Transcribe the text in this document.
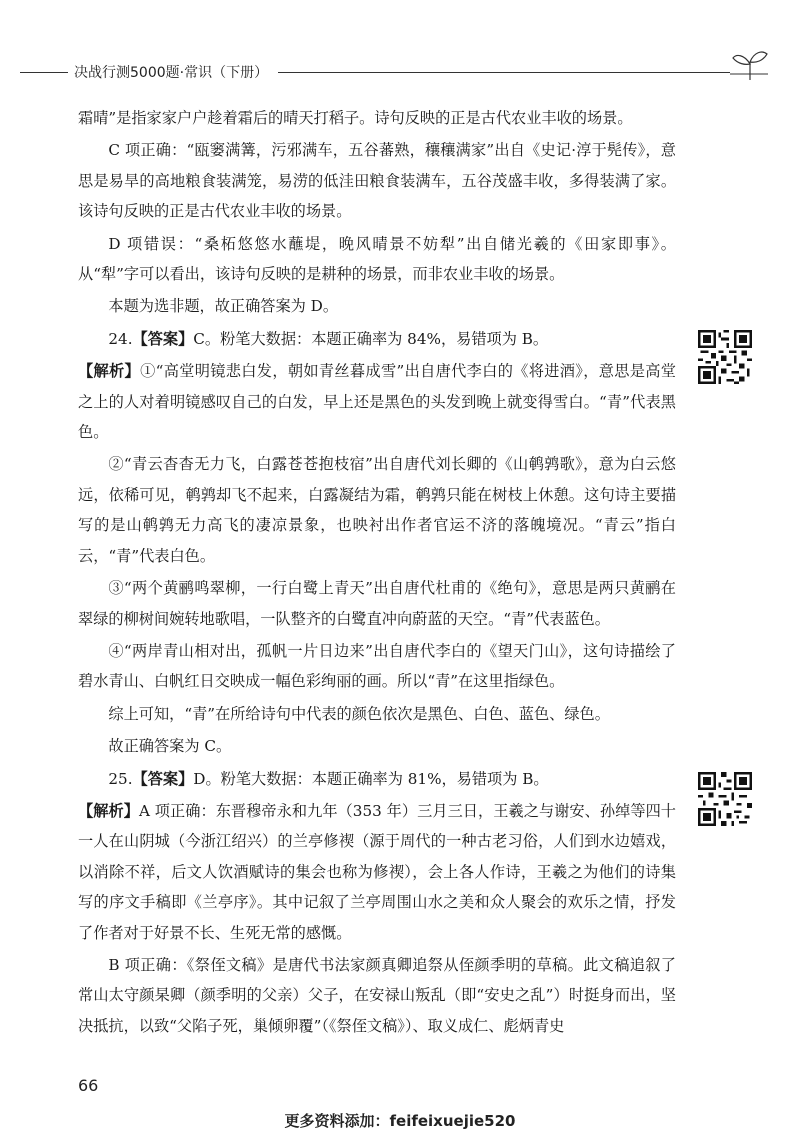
决战行测5000题·常识（下册）

霜晴”是指家家户户趁着霜后的晴天打稻子。诗句反映的正是古代农业丰收的场景。

C 项正确：“瓯窭满篝，污邪满车，五谷蕃熟，穰穰满家”出自《史记·淳于髡传》，意思是易旱的高地粮食装满笼，易涝的低洼田粮食装满车，五谷茂盛丰收，多得装满了家。该诗句反映的正是古代农业丰收的场景。

D 项错误：“桑柘悠悠水蘸堤，晚风晴景不妨犁”出自储光羲的《田家即事》。从“犁”字可以看出，该诗句反映的是耕种的场景，而非农业丰收的场景。

本题为选非题，故正确答案为 D。

24.【答案】C。粉笔大数据：本题正确率为 84%，易错项为 B。

【解析】①“高堂明镜悲白发，朝如青丝暮成雪”出自唐代李白的《将进酒》，意思是高堂之上的人对着明镜感叹自己的白发，早上还是黑色的头发到晚上就变得雪白。“青”代表黑色。

②“青云杳杳无力飞，白露苍苍抱枝宿”出自唐代刘长卿的《山鹌鹑歌》，意为白云悠远，依稀可见，鹌鹑却飞不起来，白露凝结为霜，鹌鹑只能在树枝上休憩。这句诗主要描写的是山鹌鹑无力高飞的凄凉景象，也映衬出作者官运不济的落魄境况。“青云”指白云，“青”代表白色。

③“两个黄鹂鸣翠柳，一行白鹭上青天”出自唐代杜甫的《绝句》，意思是两只黄鹂在翠绿的柳树间婉转地歌唱，一队整齐的白鹭直冲向蔚蓝的天空。“青”代表蓝色。

④“两岸青山相对出，孤帆一片日边来”出自唐代李白的《望天门山》，这句诗描绘了碧水青山、白帆红日交映成一幅色彩绚丽的画。所以“青”在这里指绿色。

综上可知，“青”在所给诗句中代表的颜色依次是黑色、白色、蓝色、绿色。

故正确答案为 C。

25.【答案】D。粉笔大数据：本题正确率为 81%，易错项为 B。

【解析】A 项正确：东晋穆帝永和九年（353 年）三月三日，王羲之与谢安、孙绰等四十一人在山阴城（今浙江绍兴）的兰亭修禊（源于周代的一种古老习俗，人们到水边嬉戏，以消除不祥，后文人饮酒赋诗的集会也称为修禊），会上各人作诗，王羲之为他们的诗集写的序文手稿即《兰亭序》。其中记叙了兰亭周围山水之美和众人聚会的欢乐之情，抒发了作者对于好景不长、生死无常的感慨。

B 项正确：《祭侄文稿》是唐代书法家颜真卿追祭从侄颜季明的草稿。此文稿追叙了常山太守颜杲卿（颜季明的父亲）父子，在安禄山叛乱（即“安史之乱”）时挺身而出，坚决抵抗，以致“父陷子死，巢倾卵覆”（《祭侄文稿》）、取义成仁、彪炳青史

66
更多资料添加：feifeixuejie520
